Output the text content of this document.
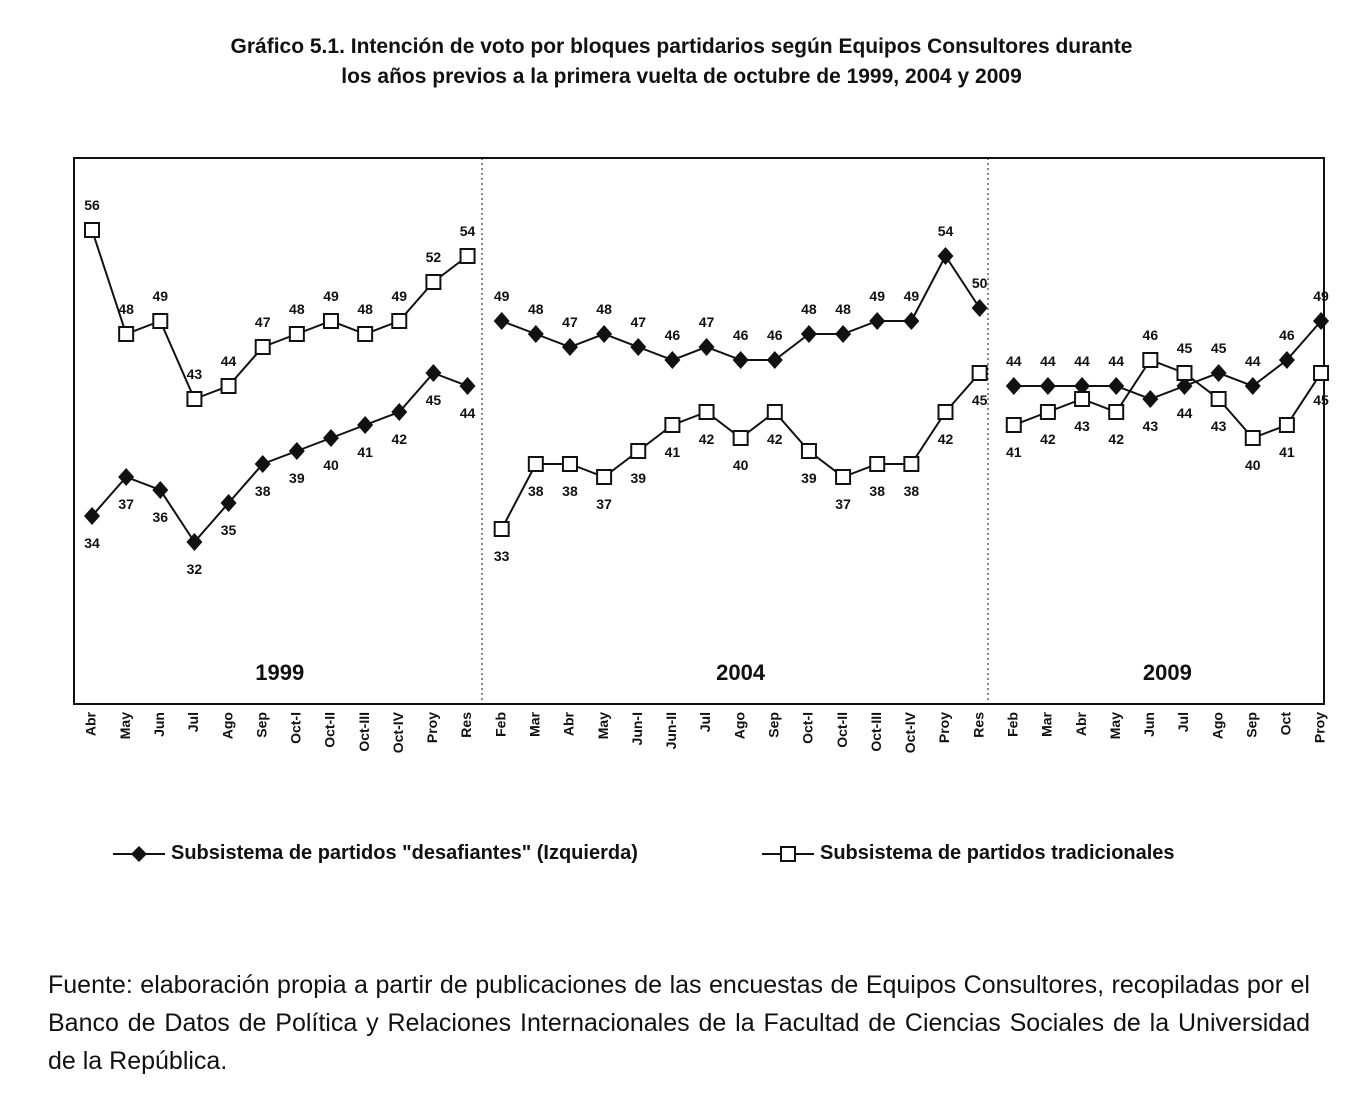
Gráfico 5.1. Intención de voto por bloques partidarios según Equipos Consultores durante
los años previos a la primera vuelta de octubre de 1999, 2004 y 2009
Abr May Jun Jul Ago Sep Oct-I Oct-II Oct-III Oct-IV Proy Res
1999
34
37
36
32
35
38
39
40
41
42
45
44
56
48
49
43
44
47
48
49
48
49
52
54
Feb Mar Abr May Jun-I Jun-II Jul Ago Sep Oct-I Oct-II Oct-III Oct-IV Proy Res
2004
49
48
47
48
47
46
47
46 46
48 48
49 49
54
50
33
38 38
37
39
41
42
40
42
39
37
38 38
42
45
Feb Mar Abr May Jun Jul Ago Sep Oct Proy
2009
44 44 44 44
43
44
45
44
46
49
41
42
43
42
46
45
43
40
41
45
Subsistema de partidos "desafiantes" (Izquierda)	Subsistema de partidos tradicionales
Fuente: elaboración propia a partir de publicaciones de las encuestas de Equipos Consultores, recopiladas por el Banco de Datos de Política y Relaciones Internacionales de la Facultad de Ciencias Sociales de la Universidad de la República.
